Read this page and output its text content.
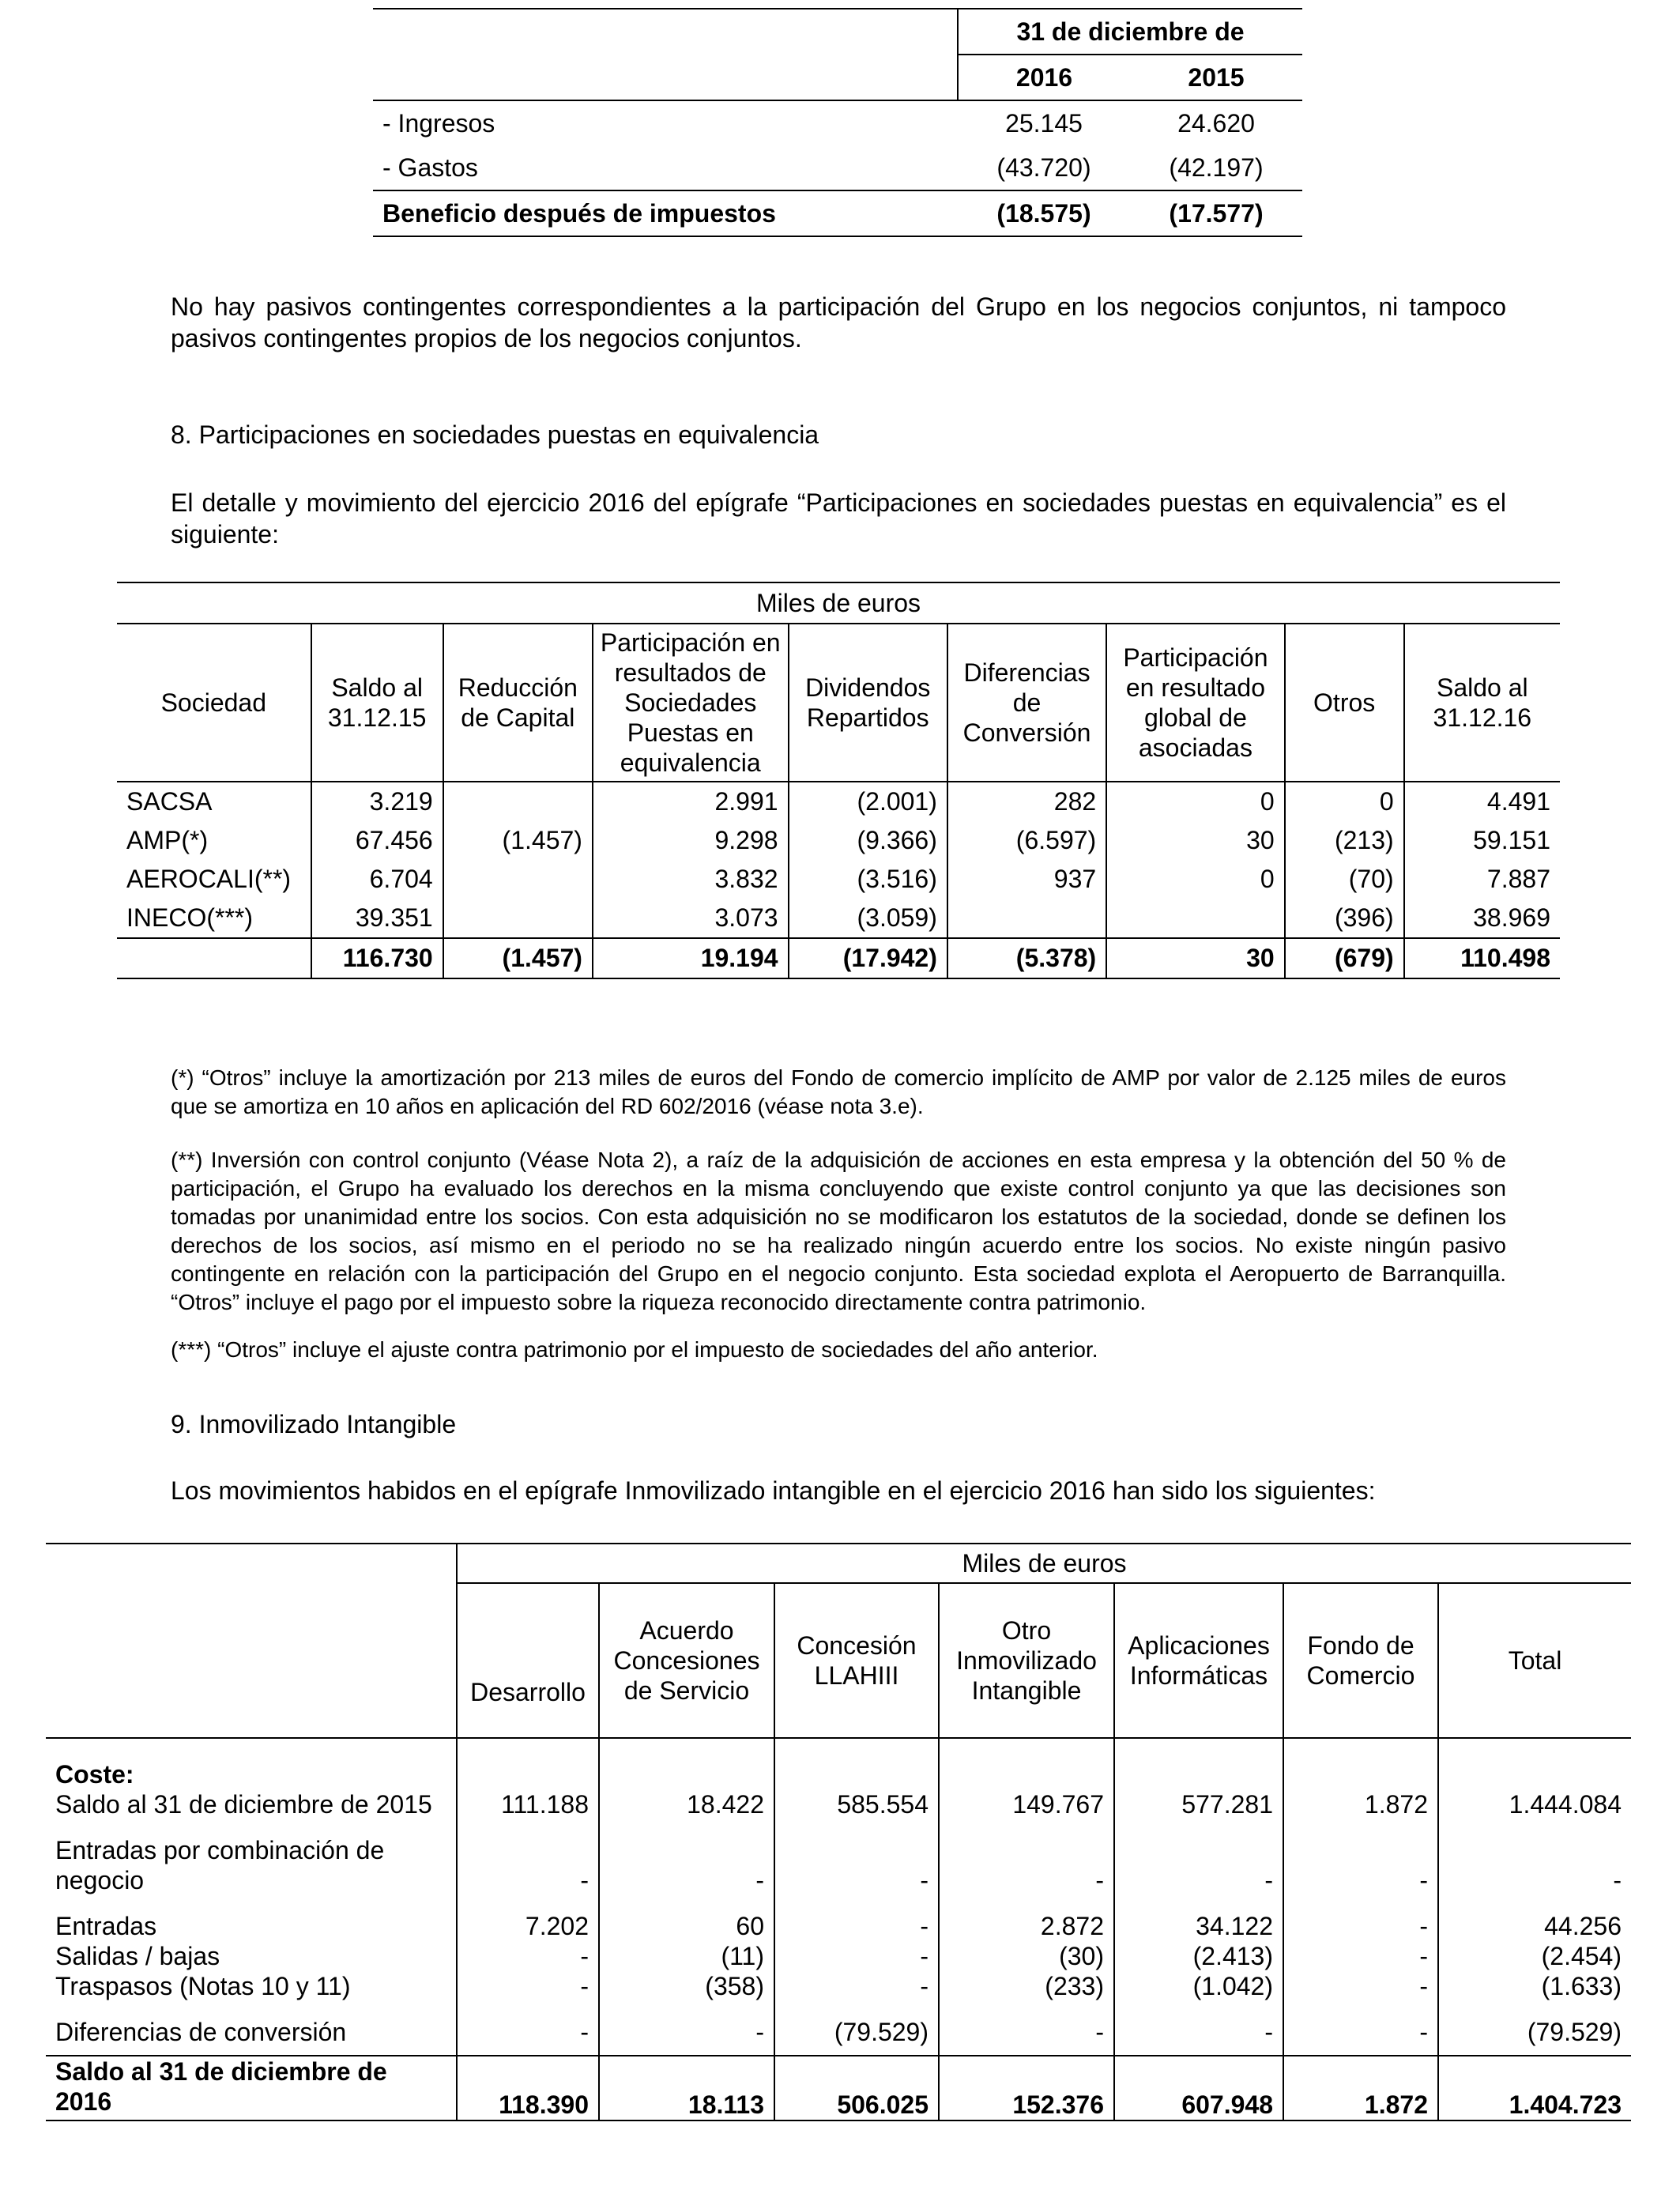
	31 de diciembre de	
	2016	2015
- Ingresos	25.145	24.620
- Gastos	(43.720)	(42.197)
Beneficio después de impuestos	(18.575)	(17.577)

No hay pasivos contingentes correspondientes a la participación del Grupo en los negocios conjuntos, ni tampoco pasivos contingentes propios de los negocios conjuntos.

8. Participaciones en sociedades puestas en equivalencia

El detalle y movimiento del ejercicio 2016 del epígrafe “Participaciones en sociedades puestas en equivalencia” es el siguiente:

Miles de euros								
Sociedad	Saldo al 31.12.15	Reducción de Capital	Participación en resultados de Sociedades Puestas en equivalencia	Dividendos Repartidos	Diferencias de Conversión	Participación en resultado global de asociadas	Otros	Saldo al 31.12.16
SACSA	3.219		2.991	(2.001)	282	0	0	4.491
AMP(*)	67.456	(1.457)	9.298	(9.366)	(6.597)	30	(213)	59.151
AEROCALI(**)	6.704		3.832	(3.516)	937	0	(70)	7.887
INECO(***)	39.351		3.073	(3.059)			(396)	38.969
	116.730	(1.457)	19.194	(17.942)	(5.378)	30	(679)	110.498

(*) “Otros” incluye la amortización por 213 miles de euros del Fondo de comercio implícito de AMP por valor de 2.125 miles de euros que se amortiza en 10 años en aplicación del RD 602/2016 (véase nota 3.e).

(**) Inversión con control conjunto (Véase Nota 2), a raíz de la adquisición de acciones en esta empresa y la obtención del 50 % de participación, el Grupo ha evaluado los derechos en la misma concluyendo que existe control conjunto ya que las decisiones son tomadas por unanimidad entre los socios. Con esta adquisición no se modificaron los estatutos de la sociedad, donde se definen los derechos de los socios, así mismo en el periodo no se ha realizado ningún acuerdo entre los socios. No existe ningún pasivo contingente en relación con la participación del Grupo en el negocio conjunto. Esta sociedad explota el Aeropuerto de Barranquilla. “Otros” incluye el pago por el impuesto sobre la riqueza reconocido directamente contra patrimonio.

(***) “Otros” incluye el ajuste contra patrimonio por el impuesto de sociedades del año anterior.

9. Inmovilizado Intangible

Los movimientos habidos en el epígrafe Inmovilizado intangible en el ejercicio 2016 han sido los siguientes:

	Miles de euros						
	Desarrollo	Acuerdo Concesiones de Servicio	Concesión LLAHIII	Otro Inmovilizado Intangible	Aplicaciones Informáticas	Fondo de Comercio	Total
Coste:							
Saldo al 31 de diciembre de 2015	111.188	18.422	585.554	149.767	577.281	1.872	1.444.084
Entradas por combinación de negocio	-	-	-	-	-	-	-
Entradas	7.202	60	-	2.872	34.122	-	44.256
Salidas / bajas	-	(11)	-	(30)	(2.413)	-	(2.454)
Traspasos (Notas 10 y 11)	-	(358)	-	(233)	(1.042)	-	(1.633)
Diferencias de conversión	-	-	(79.529)	-	-	-	(79.529)
Saldo al 31 de diciembre de 2016	118.390	18.113	506.025	152.376	607.948	1.872	1.404.723
